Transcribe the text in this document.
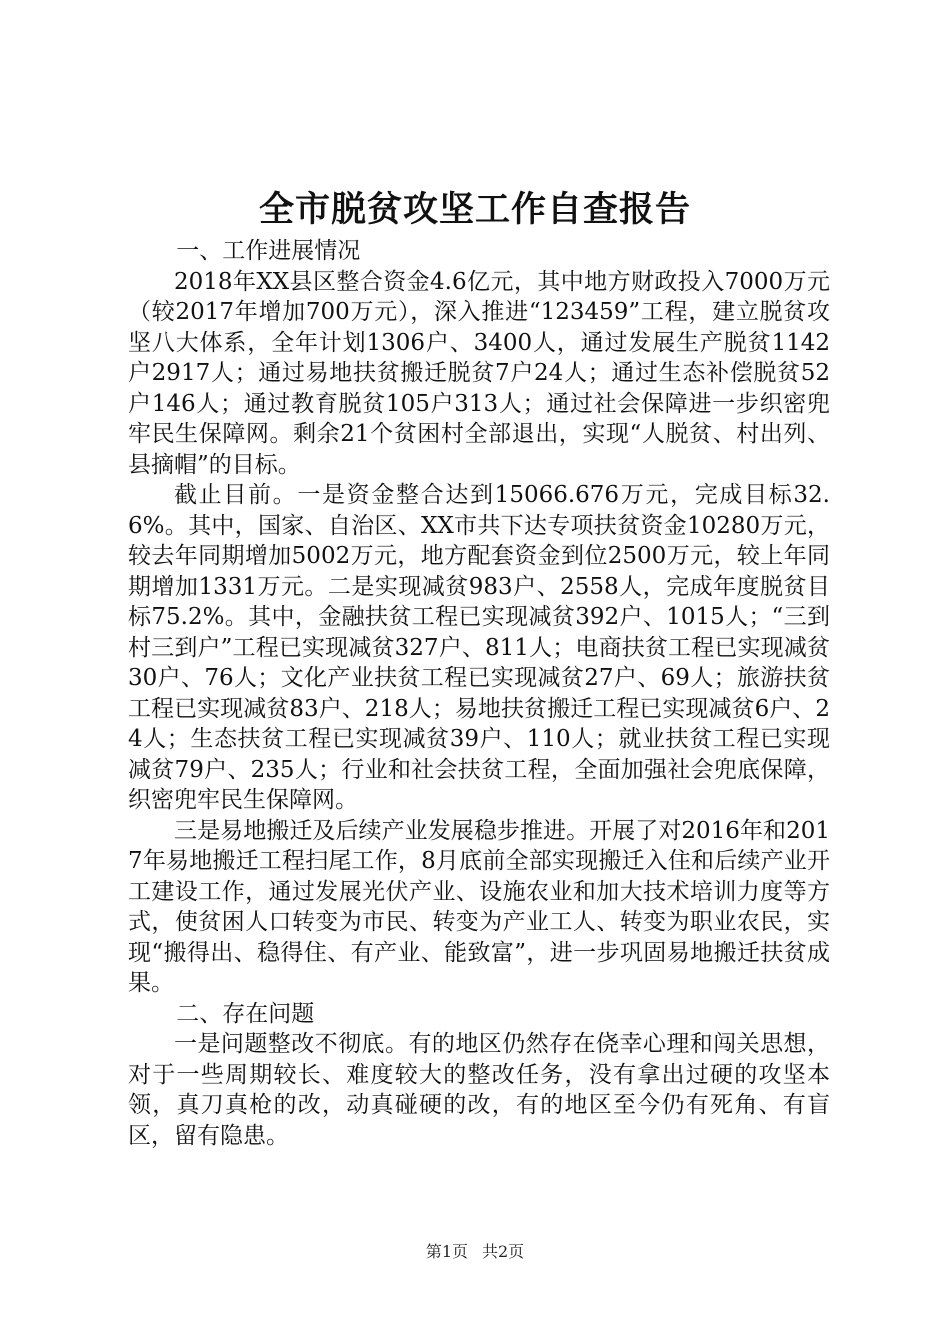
全市脱贫攻坚工作自查报告

一、工作进展情况

2018年XX县区整合资金4.6亿元，其中地方财政投入7000万元（较2017年增加700万元），深入推进“123459”工程，建立脱贫攻坚八大体系，全年计划1306户、3400人，通过发展生产脱贫1142户2917人；通过易地扶贫搬迁脱贫7户24人；通过生态补偿脱贫52户146人；通过教育脱贫105户313人；通过社会保障进一步织密兜牢民生保障网。剩余21个贫困村全部退出，实现“人脱贫、村出列、县摘帽”的目标。

截止目前。一是资金整合达到15066.676万元，完成目标32.6%。其中，国家、自治区、XX市共下达专项扶贫资金10280万元，较去年同期增加5002万元，地方配套资金到位2500万元，较上年同期增加1331万元。二是实现减贫983户、2558人，完成年度脱贫目标75.2%。其中，金融扶贫工程已实现减贫392户、1015人；“三到村三到户”工程已实现减贫327户、811人；电商扶贫工程已实现减贫30户、76人；文化产业扶贫工程已实现减贫27户、69人；旅游扶贫工程已实现减贫83户、218人；易地扶贫搬迁工程已实现减贫6户、24人；生态扶贫工程已实现减贫39户、110人；就业扶贫工程已实现减贫79户、235人；行业和社会扶贫工程，全面加强社会兜底保障，织密兜牢民生保障网。

三是易地搬迁及后续产业发展稳步推进。开展了对2016年和2017年易地搬迁工程扫尾工作，8月底前全部实现搬迁入住和后续产业开工建设工作，通过发展光伏产业、设施农业和加大技术培训力度等方式，使贫困人口转变为市民、转变为产业工人、转变为职业农民，实现“搬得出、稳得住、有产业、能致富”，进一步巩固易地搬迁扶贫成果。

二、存在问题

一是问题整改不彻底。有的地区仍然存在侥幸心理和闯关思想，对于一些周期较长、难度较大的整改任务，没有拿出过硬的攻坚本领，真刀真枪的改，动真碰硬的改，有的地区至今仍有死角、有盲区，留有隐患。

第1页 共2页
